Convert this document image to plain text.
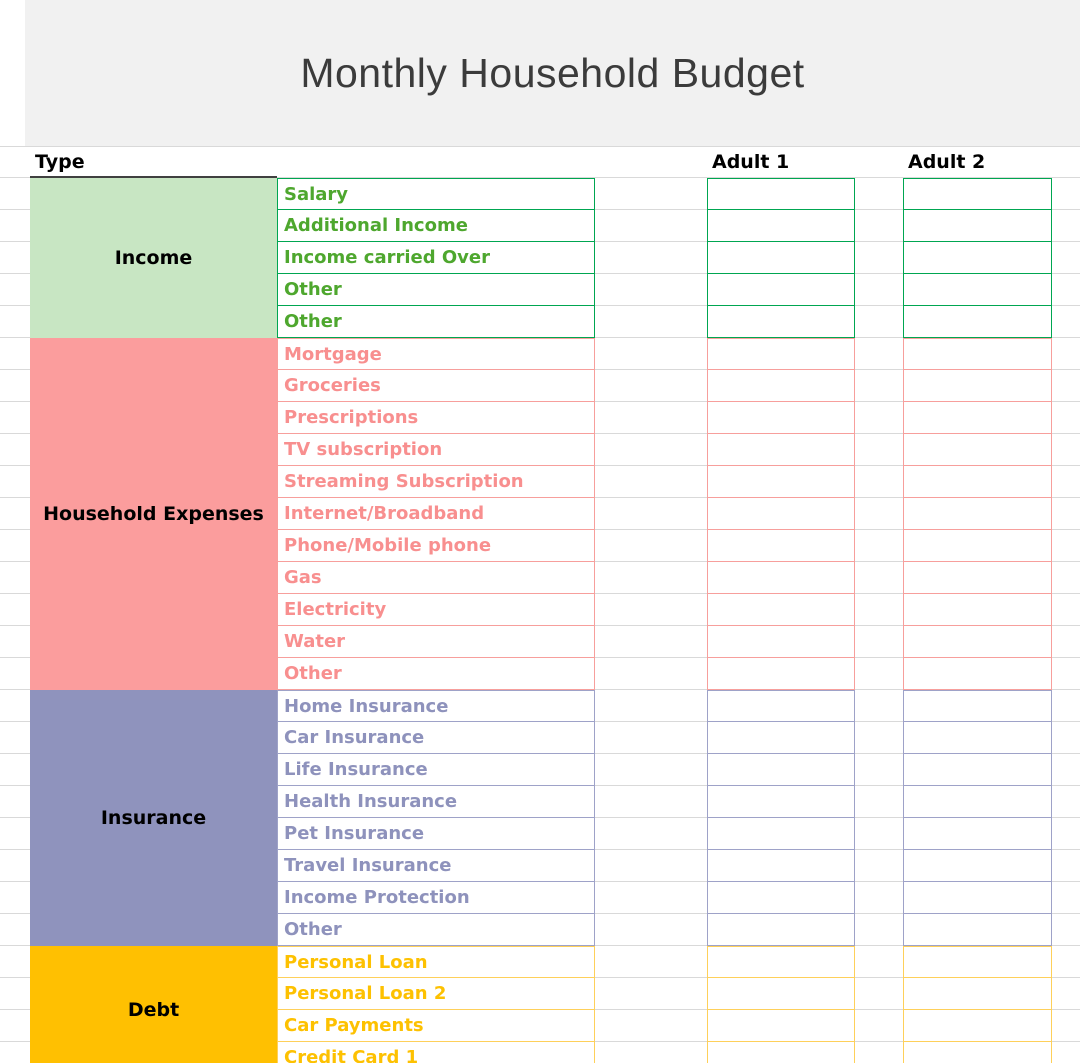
Monthly Household Budget
Type	Adult 1	Adult 2
Income
Salary
Additional Income
Income carried Over
Other
Other
Household Expenses
Mortgage
Groceries
Prescriptions
TV subscription
Streaming Subscription
Internet/Broadband
Phone/Mobile phone
Gas
Electricity
Water
Other
Insurance
Home Insurance
Car Insurance
Life Insurance
Health Insurance
Pet Insurance
Travel Insurance
Income Protection
Other
Debt
Personal Loan
Personal Loan 2
Car Payments
Credit Card 1
